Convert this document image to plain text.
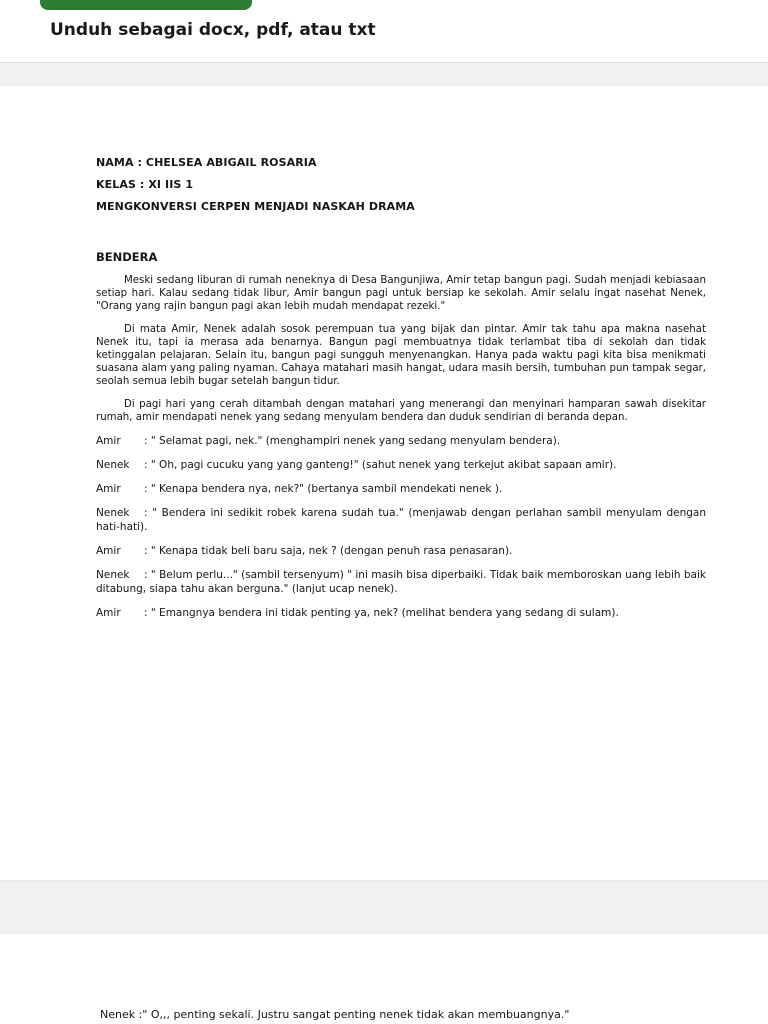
Unduh sebagai docx, pdf, atau txt
NAMA : CHELSEA ABIGAIL ROSARIA
KELAS : XI IIS 1
MENGKONVERSI CERPEN MENJADI NASKAH DRAMA
BENDERA

Meski sedang liburan di rumah neneknya di Desa Bangunjiwa, Amir tetap bangun pagi. Sudah menjadi kebiasaan setiap hari. Kalau sedang tidak libur, Amir bangun pagi untuk bersiap ke sekolah. Amir selalu ingat nasehat Nenek, "Orang yang rajin bangun pagi akan lebih mudah mendapat rezeki."

Di mata Amir, Nenek adalah sosok perempuan tua yang bijak dan pintar. Amir tak tahu apa makna nasehat Nenek itu, tapi ia merasa ada benarnya. Bangun pagi membuatnya tidak terlambat tiba di sekolah dan tidak ketinggalan pelajaran. Selain itu, bangun pagi sungguh menyenangkan. Hanya pada waktu pagi kita bisa menikmati suasana alam yang paling nyaman. Cahaya matahari masih hangat, udara masih bersih, tumbuhan pun tampak segar, seolah semua lebih bugar setelah bangun tidur.

Di pagi hari yang cerah ditambah dengan matahari yang menerangi dan menyinari hamparan sawah disekitar rumah, amir mendapati nenek yang sedang menyulam bendera dan duduk sendirian di beranda depan.

Amir : " Selamat pagi, nek." (menghampiri nenek yang sedang menyulam bendera).
Nenek : " Oh, pagi cucuku yang yang ganteng!" (sahut nenek yang terkejut akibat sapaan amir).
Amir : " Kenapa bendera nya, nek?" (bertanya sambil mendekati nenek ).
Nenek : " Bendera ini sedikit robek karena sudah tua." (menjawab dengan perlahan sambil menyulam dengan hati-hati).
Amir : " Kenapa tidak beli baru saja, nek ? (dengan penuh rasa penasaran).
Nenek : " Belum perlu..." (sambil tersenyum) " ini masih bisa diperbaiki. Tidak baik memboroskan uang lebih baik ditabung, siapa tahu akan berguna." (lanjut ucap nenek).
Amir : " Emangnya bendera ini tidak penting ya, nek? (melihat bendera yang sedang di sulam).
Nenek :" O,,, penting sekali. Justru sangat penting nenek tidak akan membuangnya."
